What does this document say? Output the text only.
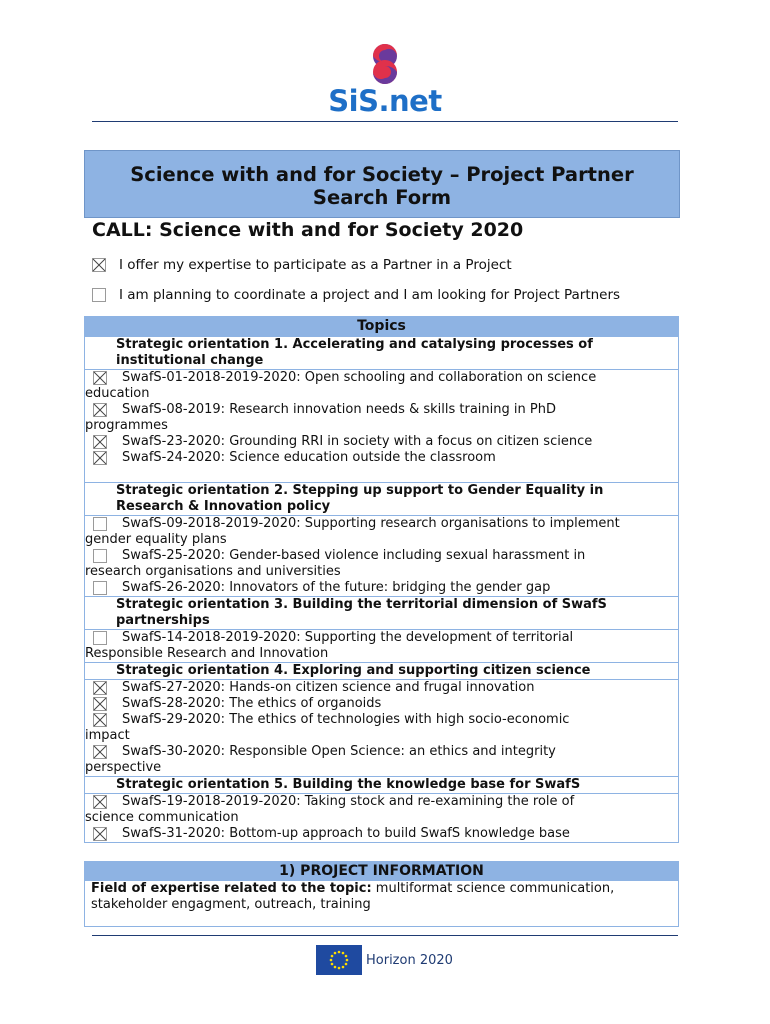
SiS.net
Science with and for Society – Project Partner
Search Form
CALL: Science with and for Society 2020
I offer my expertise to participate as a Partner in a Project
I am planning to coordinate a project and I am looking for Project Partners
Topics
Strategic orientation 1. Accelerating and catalysing processes of
institutional change
SwafS-01-2018-2019-2020: Open schooling and collaboration on science
education
SwafS-08-2019: Research innovation needs & skills training in PhD
programmes
SwafS-23-2020: Grounding RRI in society with a focus on citizen science
SwafS-24-2020: Science education outside the classroom
Strategic orientation 2. Stepping up support to Gender Equality in
Research & Innovation policy
SwafS-09-2018-2019-2020: Supporting research organisations to implement
gender equality plans
SwafS-25-2020: Gender-based violence including sexual harassment in
research organisations and universities
SwafS-26-2020: Innovators of the future: bridging the gender gap
Strategic orientation 3. Building the territorial dimension of SwafS
partnerships
SwafS-14-2018-2019-2020: Supporting the development of territorial
Responsible Research and Innovation
Strategic orientation 4. Exploring and supporting citizen science
SwafS-27-2020: Hands-on citizen science and frugal innovation
SwafS-28-2020: The ethics of organoids
SwafS-29-2020: The ethics of technologies with high socio-economic
impact
SwafS-30-2020: Responsible Open Science: an ethics and integrity
perspective
Strategic orientation 5. Building the knowledge base for SwafS
SwafS-19-2018-2019-2020: Taking stock and re-examining the role of
science communication
SwafS-31-2020: Bottom-up approach to build SwafS knowledge base
1) PROJECT INFORMATION
Field of expertise related to the topic: multiformat science communication,
stakeholder engagment, outreach, training
Horizon 2020
